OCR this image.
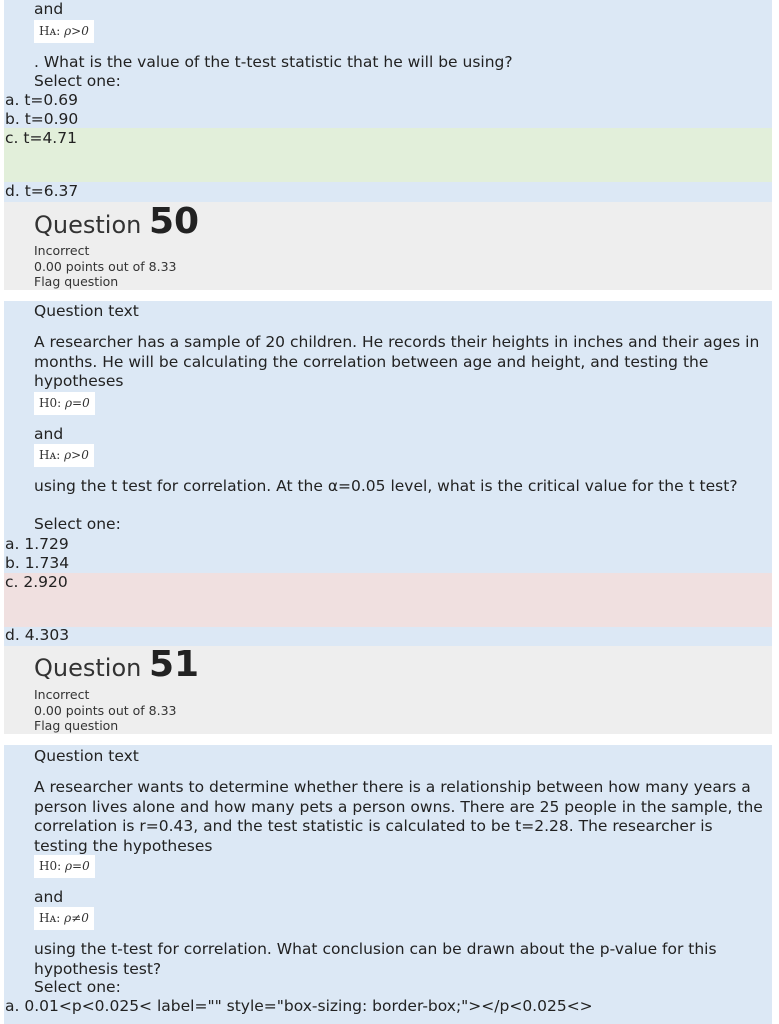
and
Hᴀ: ρ>0
. What is the value of the t-test statistic that he will be using?
Select one:
a. t=0.69
b. t=0.90
c. t=4.71
d. t=6.37
Question 50
Incorrect
0.00 points out of 8.33
Flag question
Question text
A researcher has a sample of 20 children. He records their heights in inches and their ages in months. He will be calculating the correlation between age and height, and testing the hypotheses
H0: ρ=0
and
Hᴀ: ρ>0
using the t test for correlation. At the α=0.05 level, what is the critical value for the t test?
Select one:
a. 1.729
b. 1.734
c. 2.920
d. 4.303
Question 51
Incorrect
0.00 points out of 8.33
Flag question
Question text
A researcher wants to determine whether there is a relationship between how many years a person lives alone and how many pets a person owns. There are 25 people in the sample, the correlation is r=0.43, and the test statistic is calculated to be t=2.28. The researcher is testing the hypotheses
H0: ρ=0
and
Hᴀ: ρ≠0
using the t-test for correlation. What conclusion can be drawn about the p-value for this hypothesis test?
Select one:
a. 0.01<p<0.025< label="" style="box-sizing: border-box;"></p<0.025<>
